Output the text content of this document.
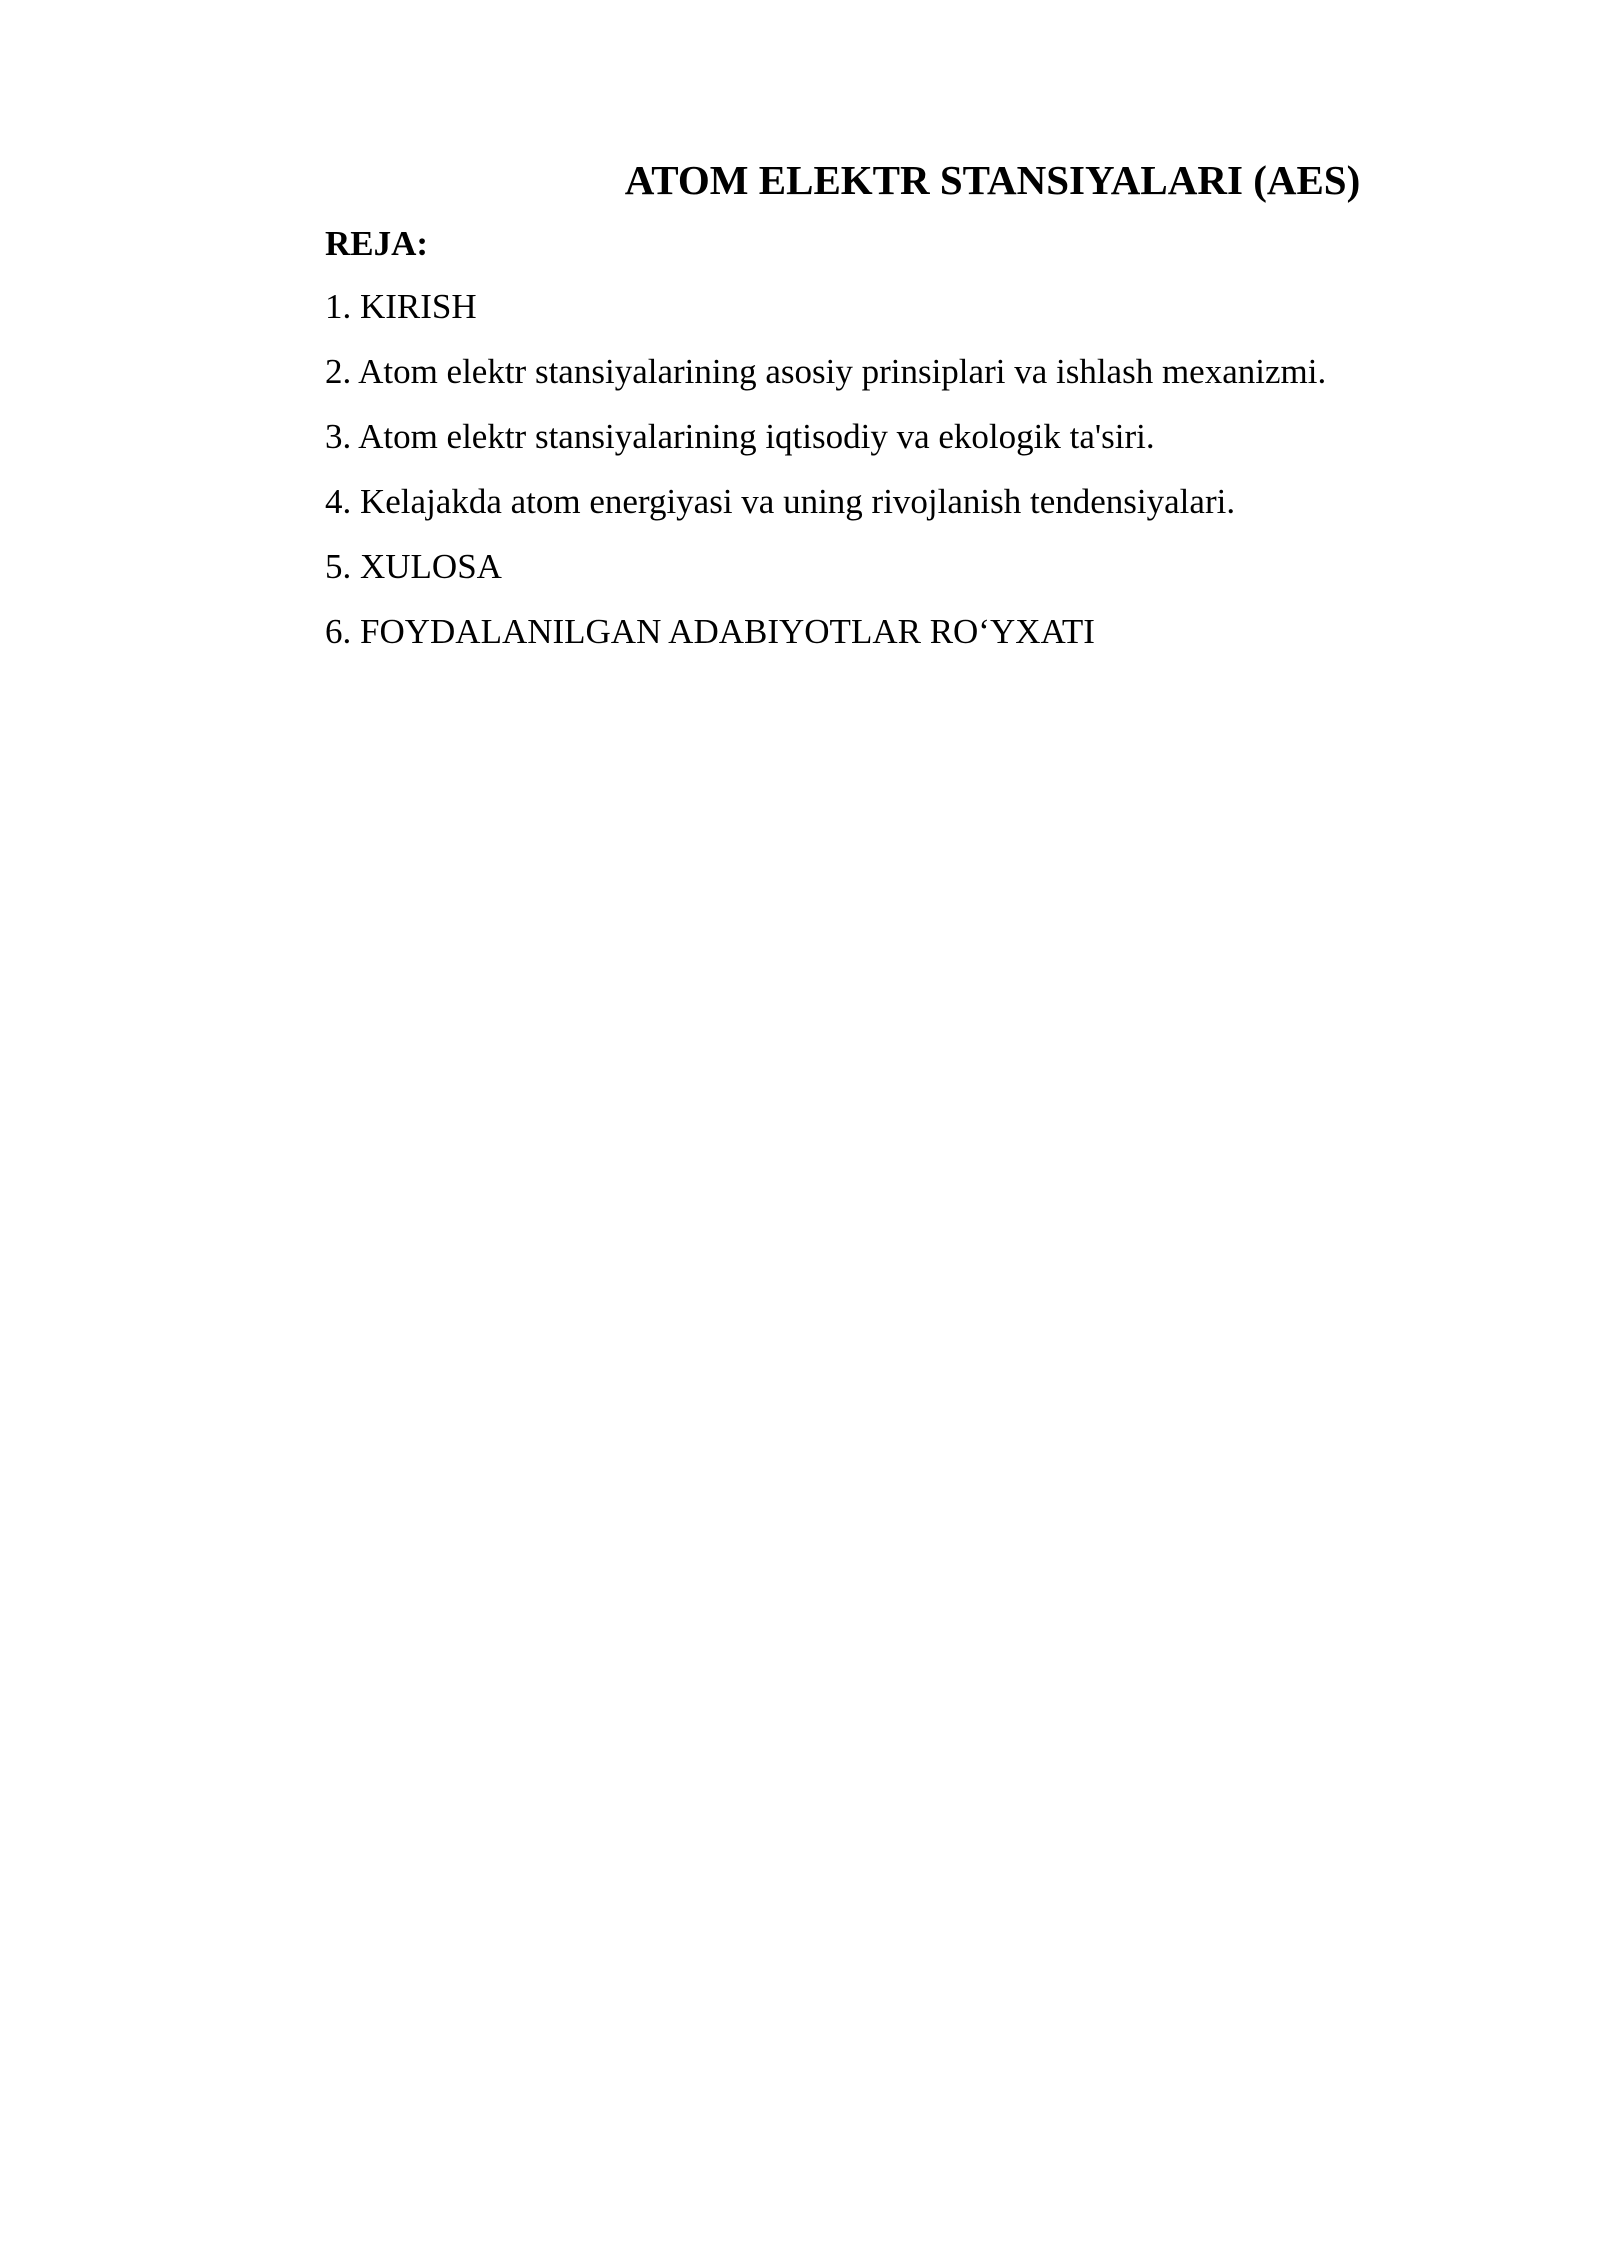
ATOM ELEKTR STANSIYALARI (AES)

REJA:

1. KIRISH
2. Atom elektr stansiyalarining asosiy prinsiplari va ishlash mexanizmi.
3. Atom elektr stansiyalarining iqtisodiy va ekologik ta'siri.
4. Kelajakda atom energiyasi va uning rivojlanish tendensiyalari.
5. XULOSA
6. FOYDALANILGAN ADABIYOTLAR RO‘YXATI
